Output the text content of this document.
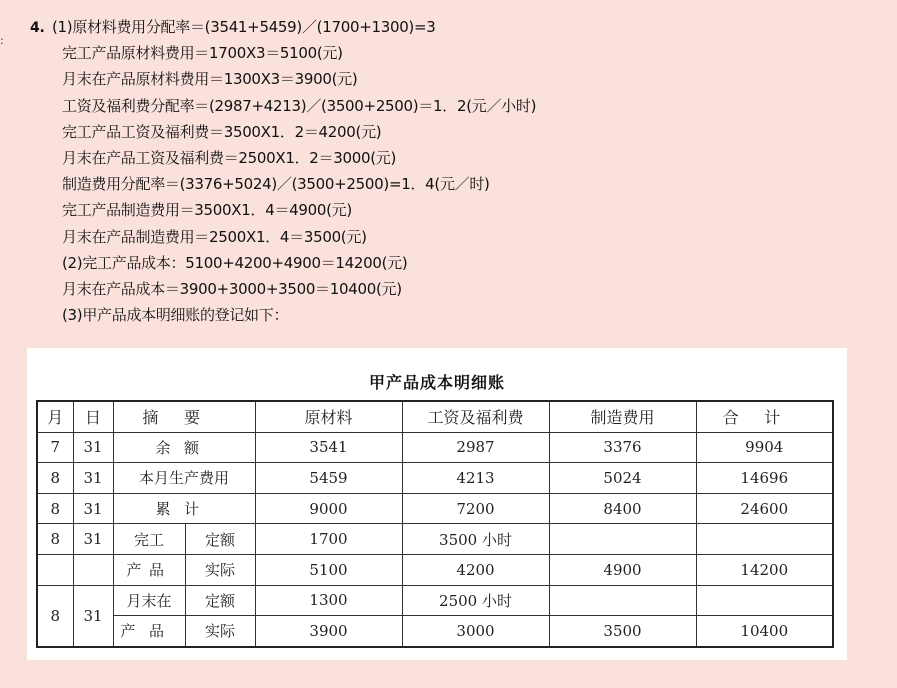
:
4. (1)原材料费用分配率＝(3541+5459)／(1700+1300)=3
完工产品原材料费用＝1700X3＝5100(元)
月末在产品原材料费用＝1300X3＝3900(元)
工资及福利费分配率＝(2987+4213)／(3500+2500)＝1．2(元／小时)
完工产品工资及福利费＝3500X1．2＝4200(元)
月末在产品工资及福利费＝2500X1．2＝3000(元)
制造费用分配率＝(3376+5024)／(3500+2500)=1．4(元／时)
完工产品制造费用＝3500X1．4＝4900(元)
月末在产品制造费用＝2500X1．4＝3500(元)
(2)完工产品成本：5100+4200+4900＝14200(元)
月末在产品成本＝3900+3000+3500＝10400(元)
(3)甲产品成本明细账的登记如下：
甲产品成本明细账
月	日	摘要		原材料	工资及福利费	制造费用	合计
7	31	余额		3541	2987	3376	9904
8	31	本月生产费用		5459	4213	5024	14696
8	31	累计		9000	7200	8400	24600
8	31	完工	定额	1700	3500 小时		
		产品	实际	5100	4200	4900	14200
8	31	月末在	定额	1300	2500 小时		
		产品	实际	3900	3000	3500	10400
